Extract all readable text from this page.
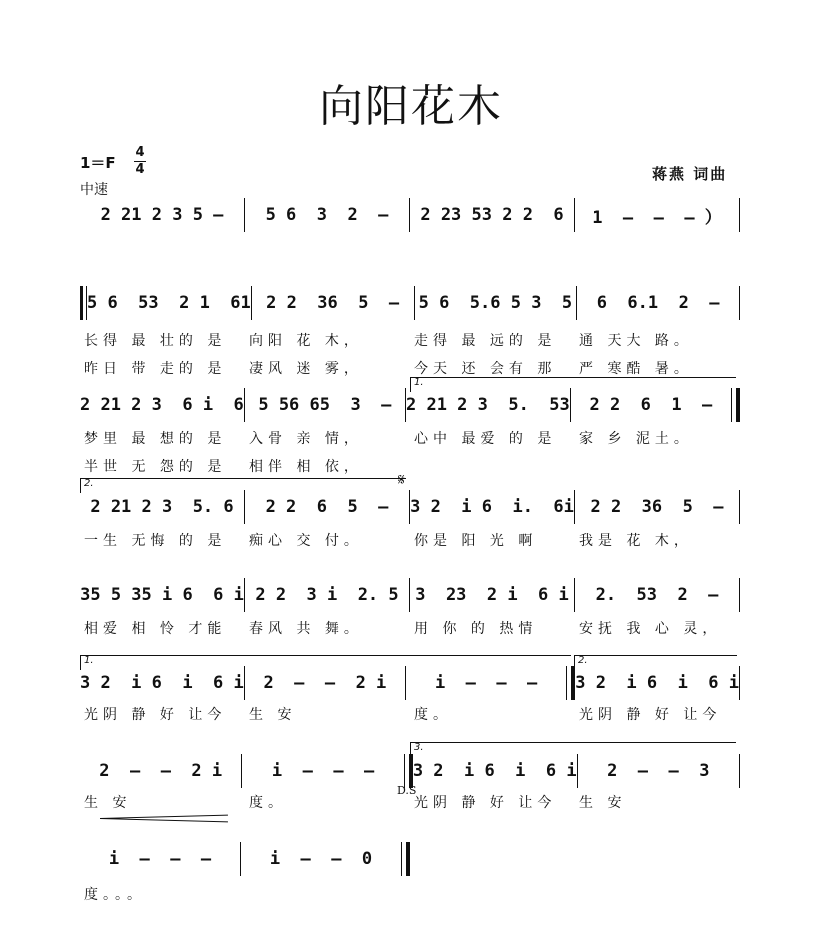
向阳花木
1＝F
4
4
中速
蒋燕 词曲
2 21 2 3 5 –	5 6  3  2  –	2 23 53 2 2  6	1  –  –  – ）
5 6  53  2 1  61 2 2  36  5  –	5 6  5.6 5 3  5	6  6.1  2  –
长得 最 壮的 是	向阳 花 木，	走得 最 远的 是	通 天大 路。
昨日 带 走的 是	凄风 迷 雾，	今天 还 会有 那	严 寒酷 暑。
1.
2 21 2 3  6 i  6 5 56 65  3  – 2 21 2 3  5.  53	2 2  6  1  –
梦里 最 想的 是	入骨 亲 情，	心中 最爱 的 是	家 乡 泥土。
半世 无 怨的 是	相伴 相 依，
2.	𝄋
2 21 2 3  5. 6	2 2  6  5  –	3 2  i 6  i.  6i 2 2  36  5  –
一生 无悔 的 是	痴心 交 付。	你是 阳 光 啊	我是 花 木，
35 5 35 i 6  6 i 2 2  3 i  2. 5 3  23  2 i  6 i	2.  53  2  –
相爱 相 怜 才能	春风 共 舞。	用 你 的 热情	安抚 我 心 灵，
1.	2.
3 2  i 6  i  6 i	2  –  –  2 i	i  –  –  –	3 2  i 6  i  6 i
光阴 静 好 让今	生 安	度。	光阴 静 好 让今
3.
2  –  –  2 i	i  –  –  –	3 2  i 6  i  6 i	2  –  –  3
D.S
生 安	度。	光阴 静 好 让今	生 安
i  –  –  –	i  –  –  0
度。。。
